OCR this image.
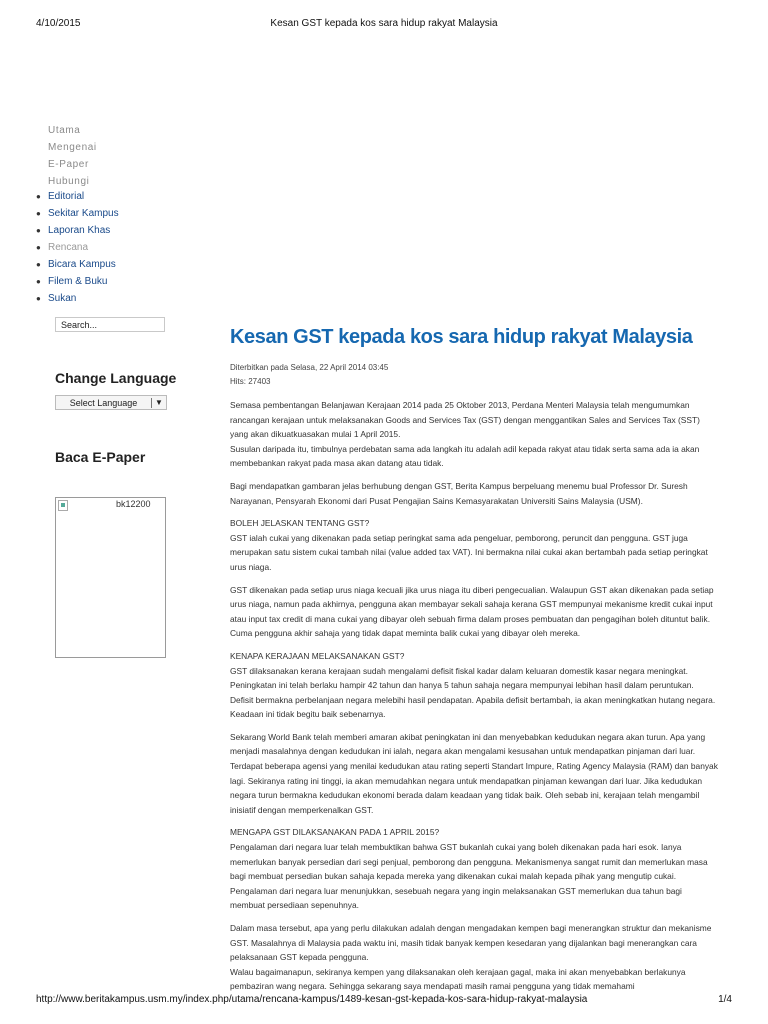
4/10/2015	Kesan GST kepada kos sara hidup rakyat Malaysia
Utama
Mengenai
E-Paper
Hubungi
● Editorial
● Sekitar Kampus
● Laporan Khas
● Rencana
● Bicara Kampus
● Filem & Buku
● Sukan
Search...
Change Language
Select Language	▼
Baca E-Paper
bk12200
Kesan GST kepada kos sara hidup rakyat Malaysia
Diterbitkan pada Selasa, 22 April 2014 03:45
Hits: 27403
Semasa pembentangan Belanjawan Kerajaan 2014 pada 25 Oktober 2013, Perdana Menteri Malaysia telah mengumumkan rancangan kerajaan untuk melaksanakan Goods and Services Tax (GST) dengan menggantikan Sales and Services Tax (SST) yang akan dikuatkuasakan mulai 1 April 2015.
Susulan daripada itu, timbulnya perdebatan sama ada langkah itu adalah adil kepada rakyat atau tidak serta sama ada ia akan membebankan rakyat pada masa akan datang atau tidak.
Bagi mendapatkan gambaran jelas berhubung dengan GST, Berita Kampus berpeluang menemu bual Professor Dr. Suresh Narayanan, Pensyarah Ekonomi dari Pusat Pengajian Sains Kemasyarakatan Universiti Sains Malaysia (USM).
BOLEH JELASKAN TENTANG GST?
GST ialah cukai yang dikenakan pada setiap peringkat sama ada pengeluar, pemborong, peruncit dan pengguna. GST juga merupakan satu sistem cukai tambah nilai (value added tax VAT). Ini bermakna nilai cukai akan bertambah pada setiap peringkat urus niaga.
GST dikenakan pada setiap urus niaga kecuali jika urus niaga itu diberi pengecualian. Walaupun GST akan dikenakan pada setiap urus niaga, namun pada akhirnya, pengguna akan membayar sekali sahaja kerana GST mempunyai mekanisme kredit cukai input atau input tax credit di mana cukai yang dibayar oleh sebuah firma dalam proses pembuatan dan pengagihan boleh dituntut balik. Cuma pengguna akhir sahaja yang tidak dapat meminta balik cukai yang dibayar oleh mereka.
KENAPA KERAJAAN MELAKSANAKAN GST?
GST dilaksanakan kerana kerajaan sudah mengalami defisit fiskal kadar dalam keluaran domestik kasar negara meningkat. Peningkatan ini telah berlaku hampir 42 tahun dan hanya 5 tahun sahaja negara mempunyai lebihan hasil dalam peruntukan. Defisit bermakna perbelanjaan negara melebihi hasil pendapatan. Apabila defisit bertambah, ia akan meningkatkan hutang negara. Keadaan ini tidak begitu baik sebenarnya.
Sekarang World Bank telah memberi amaran akibat peningkatan ini dan menyebabkan kedudukan negara akan turun. Apa yang menjadi masalahnya dengan kedudukan ini ialah, negara akan mengalami kesusahan untuk mendapatkan pinjaman dari luar. Terdapat beberapa agensi yang menilai kedudukan atau rating seperti Standart Impure, Rating Agency Malaysia (RAM) dan banyak lagi. Sekiranya rating ini tinggi, ia akan memudahkan negara untuk mendapatkan pinjaman kewangan dari luar. Jika kedudukan negara turun bermakna kedudukan ekonomi berada dalam keadaan yang tidak baik. Oleh sebab ini, kerajaan telah mengambil inisiatif dengan memperkenalkan GST.
MENGAPA GST DILAKSANAKAN PADA 1 APRIL 2015?
Pengalaman dari negara luar telah membuktikan bahwa GST bukanlah cukai yang boleh dikenakan pada hari esok. Ianya memerlukan banyak persedian dari segi penjual, pemborong dan pengguna. Mekanismenya sangat rumit dan memerlukan masa bagi membuat persedian bukan sahaja kepada mereka yang dikenakan cukai malah kepada pihak yang mengutip cukai. Pengalaman dari negara luar menunjukkan, sesebuah negara yang ingin melaksanakan GST memerlukan dua tahun bagi membuat persediaan sepenuhnya.
Dalam masa tersebut, apa yang perlu dilakukan adalah dengan mengadakan kempen bagi menerangkan struktur dan mekanisme GST. Masalahnya di Malaysia pada waktu ini, masih tidak banyak kempen kesedaran yang dijalankan bagi menerangkan cara pelaksanaan GST kepada pengguna.
Walau bagaimanapun, sekiranya kempen yang dilaksanakan oleh kerajaan gagal, maka ini akan menyebabkan berlakunya pembaziran wang negara. Sehingga sekarang saya mendapati masih ramai pengguna yang tidak memahami
http://www.beritakampus.usm.my/index.php/utama/rencana-kampus/1489-kesan-gst-kepada-kos-sara-hidup-rakyat-malaysia	1/4
